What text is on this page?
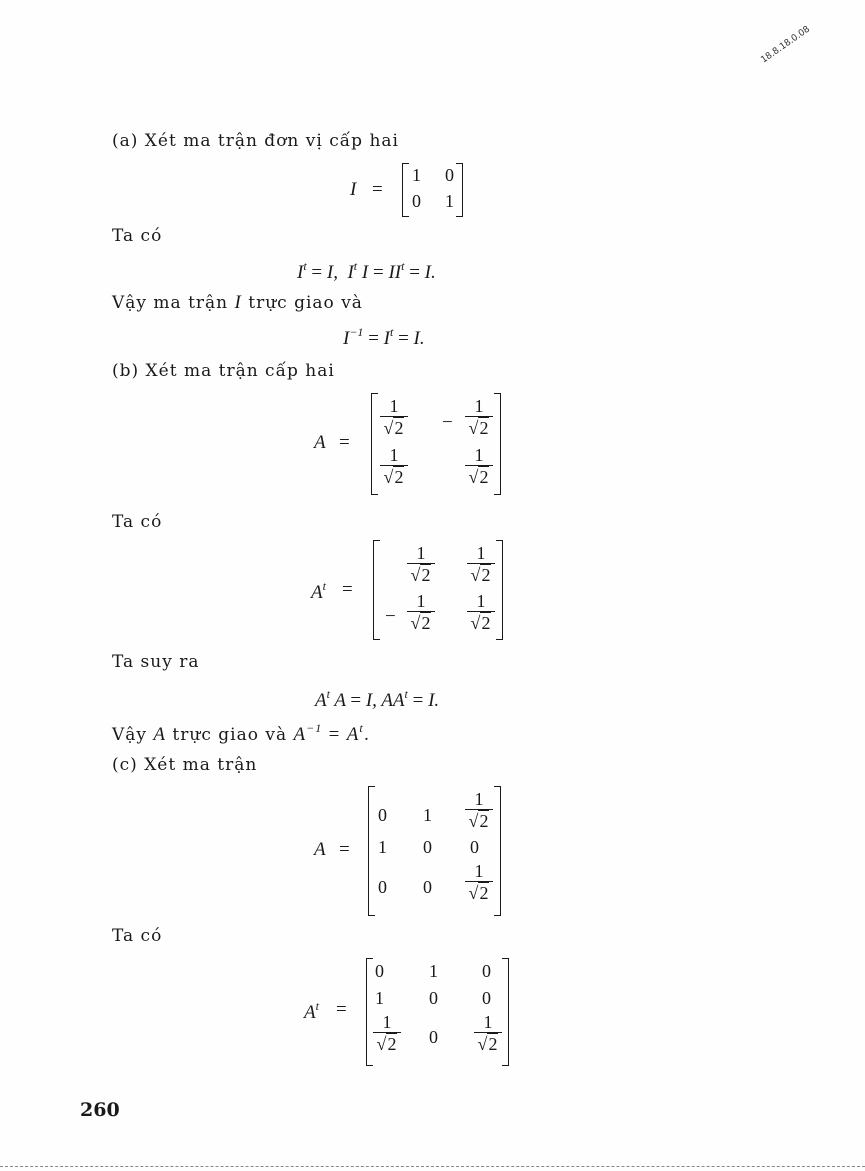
18.8.18.0.08
(a) Xét ma trận đơn vị cấp hai
I =
1 0
0 1
Ta có
$I^t = I$,  $I^t$ $I = II^t = I$.
Vậy ma trận I trực giao và
$I^{-1} = I^t = I$.
(b) Xét ma trận cấp hai
A =
1
√2 −
1
√2
1
√2
1
√2
Ta có
$A^t$ =
1
√2
1
√2
−
1
√2
1
√2
Ta suy ra
$A^t$ A = I, $AA^t = I$.
Vậy A trực giao và $A^{-1} = A^t$.
(c) Xét ma trận
A =
0 1
1
√2
1 0 0
0 0
1
√2
Ta có
$A^t$ =
0	1 0
1	0 0
1
√2 0
1
√2
260
